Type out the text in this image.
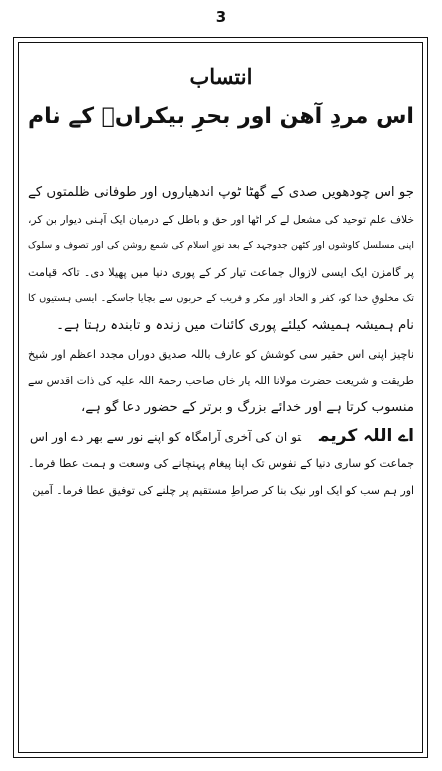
3
انتساب
اس مردِ آھن اور بحرِ بیکراںؒ کے نام
جو اس چودھویں صدی کے گھٹا ٹوپ اندھیاروں اور طوفانی ظلمتوں کے
خلاف علم توحید کی مشعل لے کر اٹھا اور حق و باطل کے درمیان ایک آہنی دیوار بن کر،
اپنی مسلسل کاوشوں اور کٹھن جدوجہد کے بعد نورِ اسلام کی شمع روشن کی اور تصوف و سلوک
پر گامزن ایک ایسی لازوال جماعت تیار کر کے پوری دنیا میں پھیلا دی۔ تاکہ قیامت
تک مخلوقِ خدا کو، کفر و الحاد اور مکر و فریب کے حربوں سے بچایا جاسکے۔ ایسی ہستیوں کا
نام ہمیشہ ہمیشہ کیلئے پوری کائنات میں زندہ و تابندہ رہتا ہے۔
ناچیز اپنی اس حقیر سی کوشش کو عارف باللہ صدیق دوراں مجدد اعظم اور شیخ
طریقت و شریعت حضرت مولانا اللہ یار خاں صاحب رحمۃ اللہ علیہ کی ذات اقدس سے
منسوب کرتا ہے اور خدائے بزرگ و برتر کے حضور دعا گو ہے،
اے اللہ کریمتو ان کی آخری آرامگاہ کو اپنے نور سے بھر دے اور اس
جماعت کو ساری دنیا کے نفوس تک اپنا پیغام پہنچانے کی وسعت و ہمت عطا فرما۔
اور ہم سب کو ایک اور نیک بنا کر صراطِ مستقیم پر چلنے کی توفیق عطا فرما۔ آمین
